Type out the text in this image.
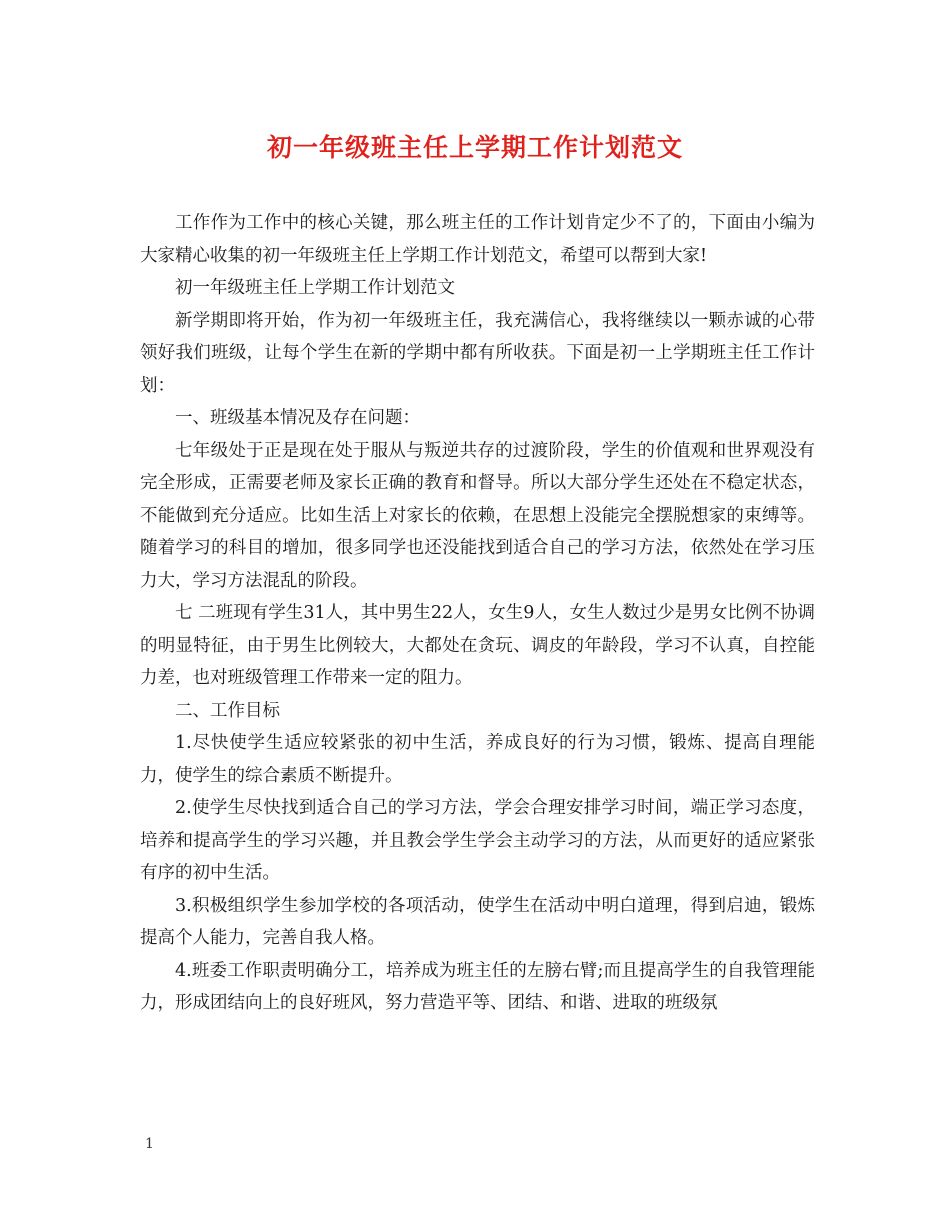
初一年级班主任上学期工作计划范文

工作作为工作中的核心关键，那么班主任的工作计划肯定少不了的，下面由小编为大家精心收集的初一年级班主任上学期工作计划范文，希望可以帮到大家!

初一年级班主任上学期工作计划范文

新学期即将开始，作为初一年级班主任，我充满信心，我将继续以一颗赤诚的心带领好我们班级，让每个学生在新的学期中都有所收获。下面是初一上学期班主任工作计划：

一、班级基本情况及存在问题：

七年级处于正是现在处于服从与叛逆共存的过渡阶段，学生的价值观和世界观没有完全形成，正需要老师及家长正确的教育和督导。所以大部分学生还处在不稳定状态，不能做到充分适应。比如生活上对家长的依赖，在思想上没能完全摆脱想家的束缚等。随着学习的科目的增加，很多同学也还没能找到适合自己的学习方法，依然处在学习压力大，学习方法混乱的阶段。

七 二班现有学生31人，其中男生22人，女生9人，女生人数过少是男女比例不协调的明显特征，由于男生比例较大，大都处在贪玩、调皮的年龄段，学习不认真，自控能力差，也对班级管理工作带来一定的阻力。

二、工作目标

1.尽快使学生适应较紧张的初中生活，养成良好的行为习惯，锻炼、提高自理能力，使学生的综合素质不断提升。

2.使学生尽快找到适合自己的学习方法，学会合理安排学习时间，端正学习态度，培养和提高学生的学习兴趣，并且教会学生学会主动学习的方法，从而更好的适应紧张有序的初中生活。

3.积极组织学生参加学校的各项活动，使学生在活动中明白道理，得到启迪，锻炼提高个人能力，完善自我人格。

4.班委工作职责明确分工，培养成为班主任的左膀右臂;而且提高学生的自我管理能力，形成团结向上的良好班风，努力营造平等、团结、和谐、进取的班级氛

1
